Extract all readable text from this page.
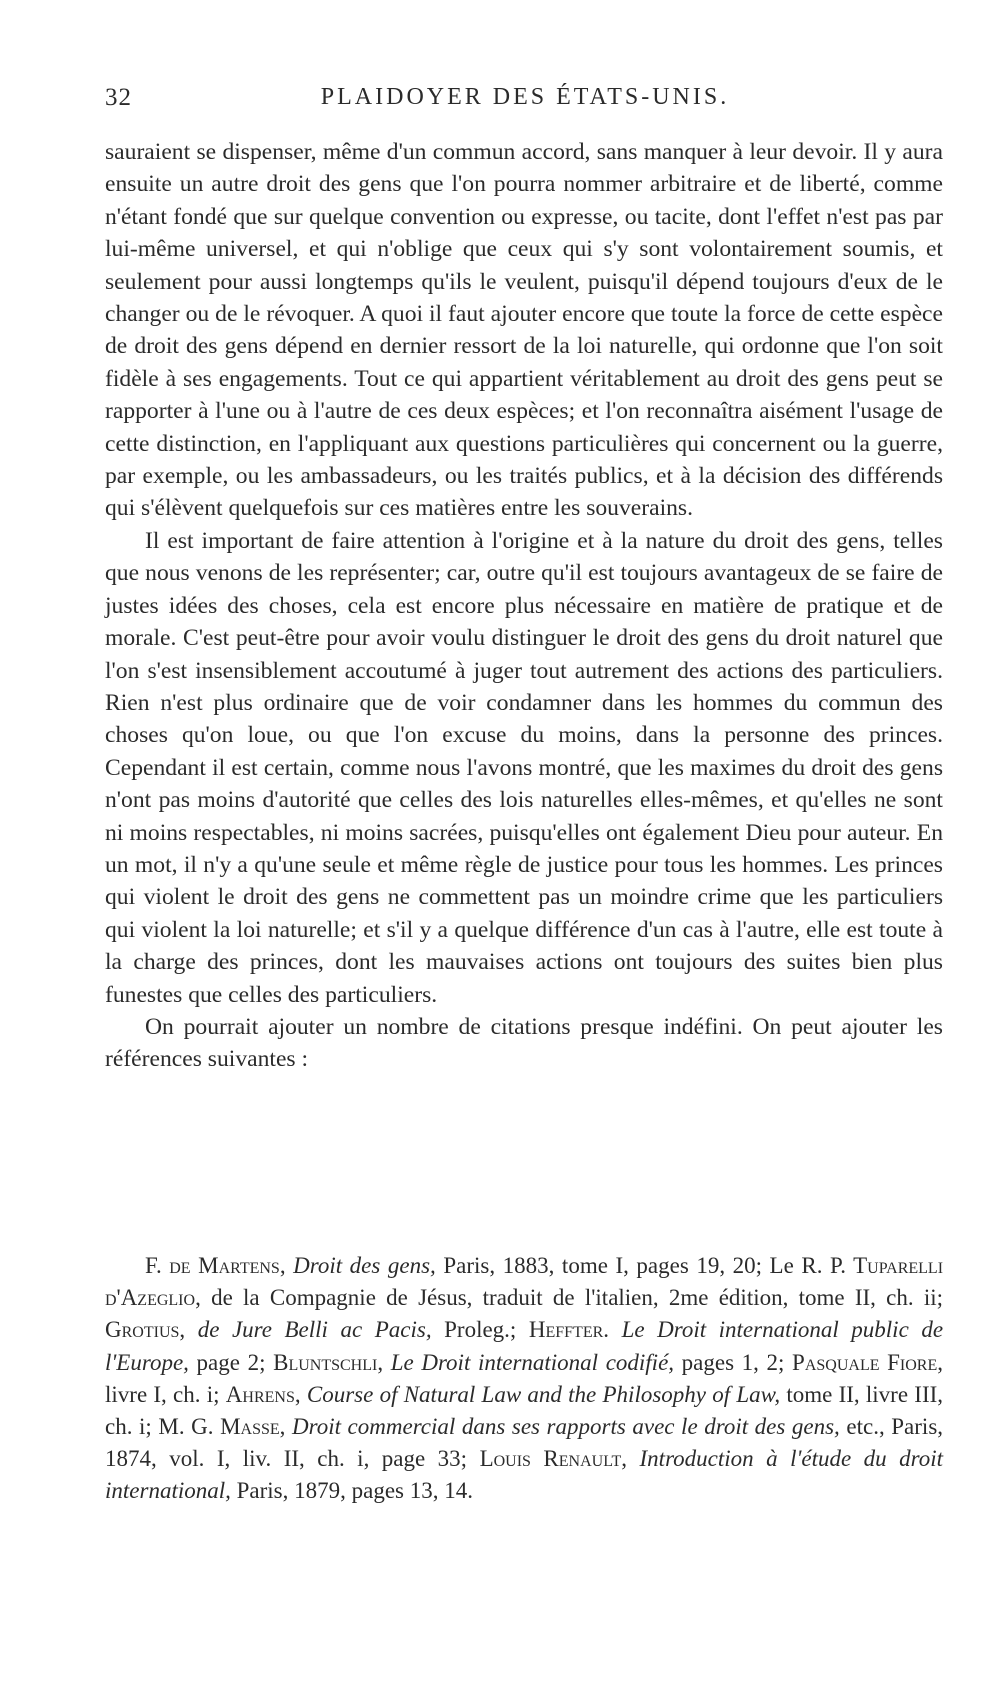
32	PLAIDOYER DES ÉTATS-UNIS.

sauraient se dispenser, même d'un commun accord, sans manquer à leur devoir. Il y aura ensuite un autre droit des gens que l'on pourra nommer arbitraire et de liberté, comme n'étant fondé que sur quelque convention ou expresse, ou tacite, dont l'effet n'est pas par lui-même universel, et qui n'oblige que ceux qui s'y sont volontairement soumis, et seulement pour aussi longtemps qu'ils le veulent, puisqu'il dépend toujours d'eux de le changer ou de le révoquer. A quoi il faut ajouter encore que toute la force de cette espèce de droit des gens dépend en dernier ressort de la loi naturelle, qui ordonne que l'on soit fidèle à ses engagements. Tout ce qui appartient véritablement au droit des gens peut se rapporter à l'une ou à l'autre de ces deux espèces; et l'on reconnaîtra aisément l'usage de cette distinction, en l'appliquant aux questions particulières qui concernent ou la guerre, par exemple, ou les ambassadeurs, ou les traités publics, et à la décision des différends qui s'élèvent quelquefois sur ces matières entre les souverains.

Il est important de faire attention à l'origine et à la nature du droit des gens, telles que nous venons de les représenter; car, outre qu'il est toujours avantageux de se faire de justes idées des choses, cela est encore plus nécessaire en matière de pratique et de morale. C'est peut-être pour avoir voulu distinguer le droit des gens du droit naturel que l'on s'est insensiblement accoutumé à juger tout autrement des actions des particuliers. Rien n'est plus ordinaire que de voir condamner dans les hommes du commun des choses qu'on loue, ou que l'on excuse du moins, dans la personne des princes. Cependant il est certain, comme nous l'avons montré, que les maximes du droit des gens n'ont pas moins d'autorité que celles des lois naturelles elles-mêmes, et qu'elles ne sont ni moins respectables, ni moins sacrées, puisqu'elles ont également Dieu pour auteur. En un mot, il n'y a qu'une seule et même règle de justice pour tous les hommes. Les princes qui violent le droit des gens ne commettent pas un moindre crime que les particuliers qui violent la loi naturelle; et s'il y a quelque différence d'un cas à l'autre, elle est toute à la charge des princes, dont les mauvaises actions ont toujours des suites bien plus funestes que celles des particuliers.

On pourrait ajouter un nombre de citations presque indéfini. On peut ajouter les références suivantes :

F. de Martens, Droit des gens, Paris, 1883, tome I, pages 19, 20; Le R. P. Tuparelli d'Azeglio, de la Compagnie de Jésus, traduit de l'italien, 2me édition, tome II, ch. ii; Grotius, de Jure Belli ac Pacis, Proleg.; Heffter. Le Droit international public de l'Europe, page 2; Bluntschli, Le Droit international codifié, pages 1, 2; Pasquale Fiore, livre I, ch. i; Ahrens, Course of Natural Law and the Philosophy of Law, tome II, livre III, ch. i; M. G. Masse, Droit commercial dans ses rapports avec le droit des gens, etc., Paris, 1874, vol. I, liv. II, ch. i, page 33; Louis Renault, Introduction à l'étude du droit international, Paris, 1879, pages 13, 14.
